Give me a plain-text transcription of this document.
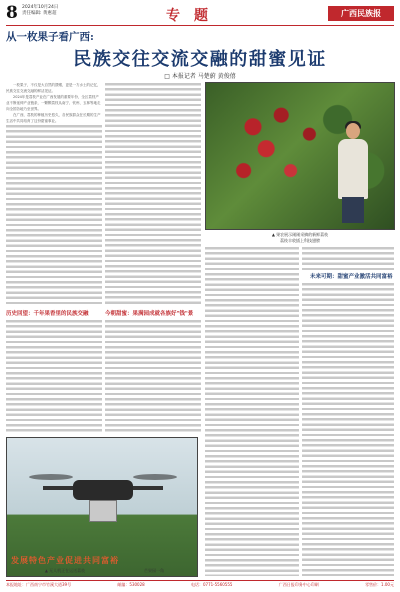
8 2024年10月24日
责任编辑: 黄惠超	专题	广西民族报
从一枚果子看广西:
民族交往交流交融的甜蜜见证
□ 本报记者 马楚蔚 黄俊僖
一枚果子，不仅是大自然的馈赠，更是一方水土的记忆，民族交往交流交融的鲜活见证。
2024年是荔枝产业在广西发展的重要年份，全区荔枝产业不断延伸产业链条，一颗颗荔枝从南宁、钦州、玉林等地走向全国各地乃至世界。
在广西，荔枝的种植历史悠久，各民族群众在长期的生产生活中共同培育了这份甜蜜事业。
▲ 果农展示刚刚采摘的新鲜荔枝
荔枝丰收插上科技翅膀
未来可期：甜蜜产业激活共同富裕
历史回望：千年果香里的民族交融	今朝甜蜜：果满园成就各族好"钱"景
发展特色产业促进共同富裕
▲ 无人机正在运送荔枝	芒果园一角
本报地址：广西南宁市竹溪大道39号	邮编：530028	电话：0771-5560555	广西日报印务中心印刷	零售价：1.00元
